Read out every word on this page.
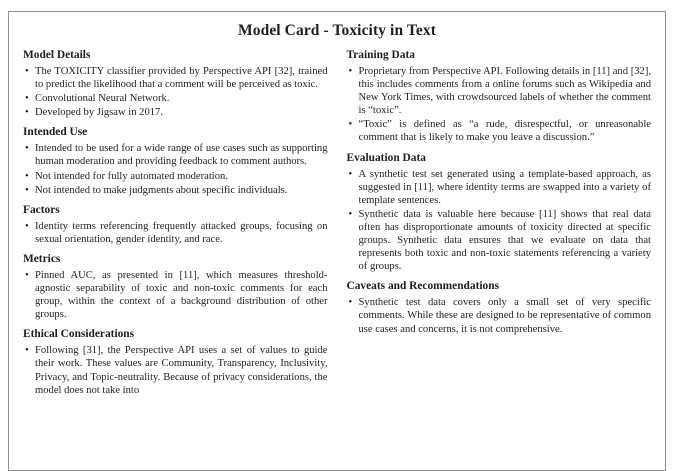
Model Card - Toxicity in Text
Model Details
• The TOXICITY classifier provided by Perspective API [32], trained to predict the likelihood that a comment will be perceived as toxic.
• Convolutional Neural Network.
• Developed by Jigsaw in 2017.
Intended Use
• Intended to be used for a wide range of use cases such as supporting human moderation and providing feedback to comment authors.
• Not intended for fully automated moderation.
• Not intended to make judgments about specific individuals.
Factors
• Identity terms referencing frequently attacked groups, focusing on sexual orientation, gender identity, and race.
Metrics
• Pinned AUC, as presented in [11], which measures threshold-agnostic separability of toxic and non-toxic comments for each group, within the context of a background distribution of other groups.
Ethical Considerations
• Following [31], the Perspective API uses a set of values to guide their work. These values are Community, Transparency, Inclusivity, Privacy, and Topic-neutrality. Because of privacy considerations, the model does not take into
Training Data
• Proprietary from Perspective API. Following details in [11] and [32], this includes comments from a online forums such as Wikipedia and New York Times, with crowdsourced labels of whether the comment is “toxic”.
• “Toxic” is defined as “a rude, disrespectful, or unreasonable comment that is likely to make you leave a discussion.”
Evaluation Data
• A synthetic test set generated using a template-based approach, as suggested in [11], where identity terms are swapped into a variety of template sentences.
• Synthetic data is valuable here because [11] shows that real data often has disproportionate amounts of toxicity directed at specific groups. Synthetic data ensures that we evaluate on data that represents both toxic and non-toxic statements referencing a variety of groups.
Caveats and Recommendations
• Synthetic test data covers only a small set of very specific comments. While these are designed to be representative of common use cases and concerns, it is not comprehensive.
